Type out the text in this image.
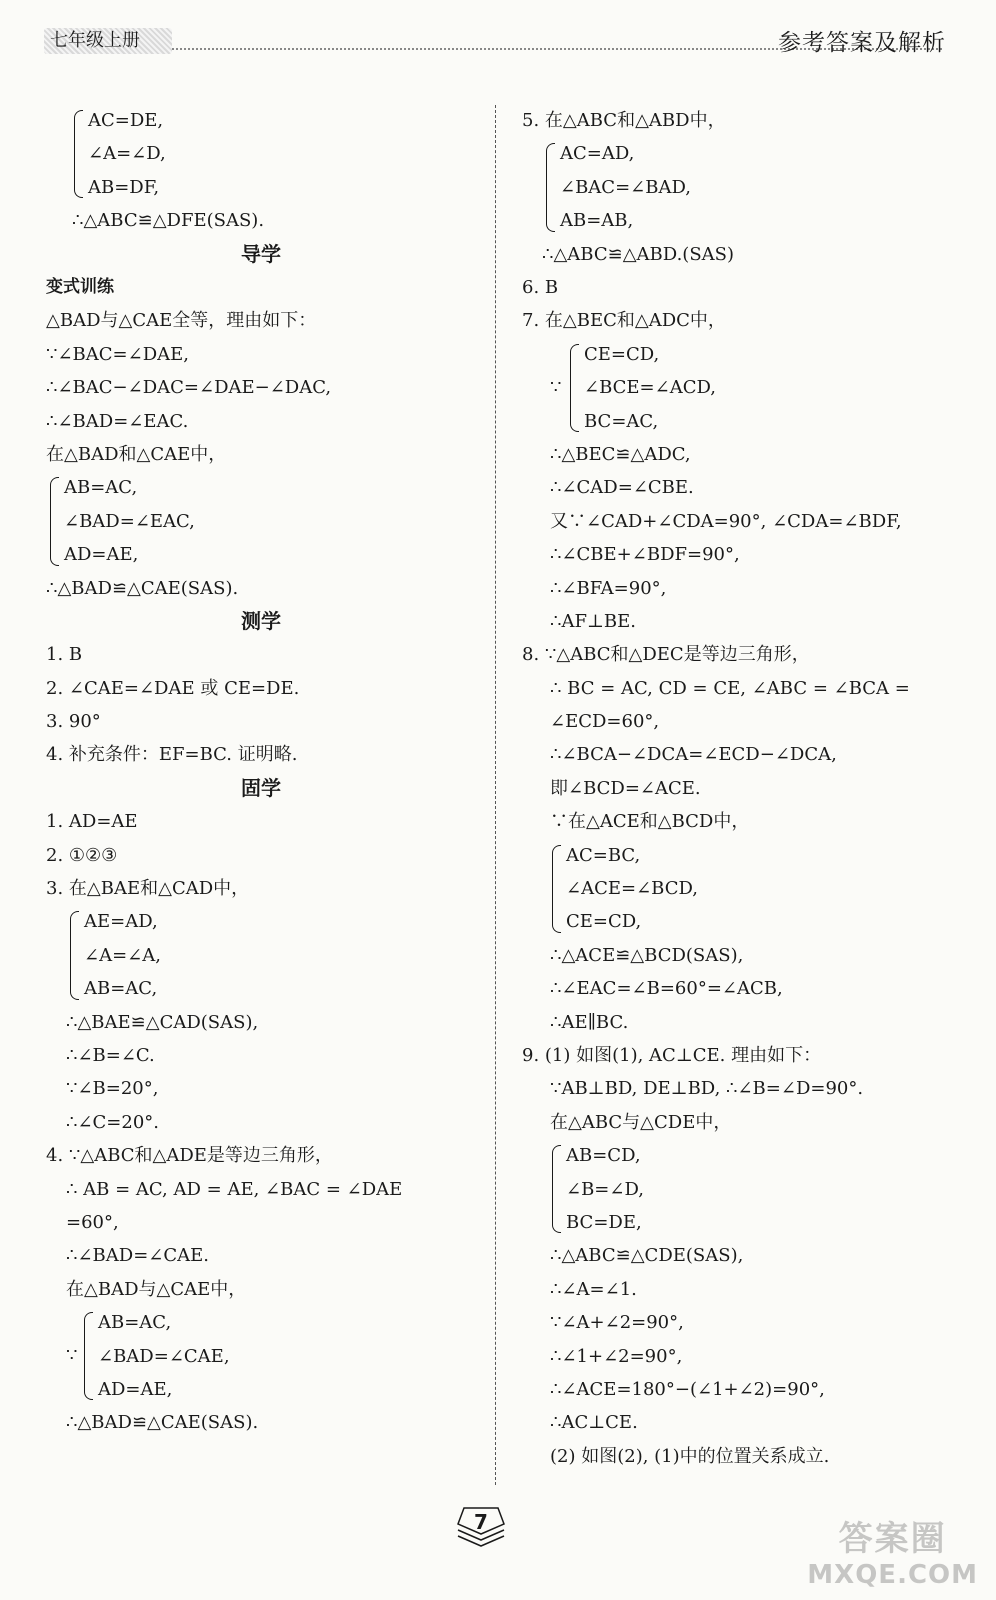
七年级上册	参考答案及解析
AC=DE,
∠A=∠D,
AB=DF,
∴△ABC≌△DFE(SAS).
导学
变式训练
△BAD与△CAE全等，理由如下：
∵∠BAC=∠DAE,
∴∠BAC−∠DAC=∠DAE−∠DAC,
∴∠BAD=∠EAC.
在△BAD和△CAE中，
AB=AC,
∠BAD=∠EAC,
AD=AE,
∴△BAD≌△CAE(SAS).
测学
1. B
2. ∠CAE=∠DAE 或 CE=DE.
3. 90°
4. 补充条件：EF=BC. 证明略.
固学
1. AD=AE
2. ①②③
3. 在△BAE和△CAD中，
AE=AD,
∠A=∠A,
AB=AC,
∴△BAE≌△CAD(SAS),
∴∠B=∠C.
∵∠B=20°,
∴∠C=20°.
4. ∵△ABC和△ADE是等边三角形，
∴ AB = AC, AD = AE, ∠BAC = ∠DAE
=60°,
∴∠BAD=∠CAE.
在△BAD与△CAE中，
∵
AB=AC,
∠BAD=∠CAE,
AD=AE,
∴△BAD≌△CAE(SAS).
5. 在△ABC和△ABD中，
AC=AD,
∠BAC=∠BAD,
AB=AB,
∴△ABC≌△ABD.(SAS)
6. B
7. 在△BEC和△ADC中，
∵
CE=CD,
∠BCE=∠ACD,
BC=AC,
∴△BEC≌△ADC,
∴∠CAD=∠CBE.
又∵∠CAD+∠CDA=90°, ∠CDA=∠BDF,
∴∠CBE+∠BDF=90°,
∴∠BFA=90°,
∴AF⊥BE.
8. ∵△ABC和△DEC是等边三角形，
∴ BC = AC, CD = CE, ∠ABC = ∠BCA =
∠ECD=60°,
∴∠BCA−∠DCA=∠ECD−∠DCA,
即∠BCD=∠ACE.
∵在△ACE和△BCD中，
AC=BC,
∠ACE=∠BCD,
CE=CD,
∴△ACE≌△BCD(SAS),
∴∠EAC=∠B=60°=∠ACB,
∴AE∥BC.
9. (1) 如图(1), AC⊥CE. 理由如下：
∵AB⊥BD, DE⊥BD, ∴∠B=∠D=90°.
在△ABC与△CDE中，
AB=CD,
∠B=∠D,
BC=DE,
∴△ABC≌△CDE(SAS),
∴∠A=∠1.
∵∠A+∠2=90°,
∴∠1+∠2=90°,
∴∠ACE=180°−(∠1+∠2)=90°,
∴AC⊥CE.
(2) 如图(2), (1)中的位置关系成立.
7	答案圈
MXQE.COM
